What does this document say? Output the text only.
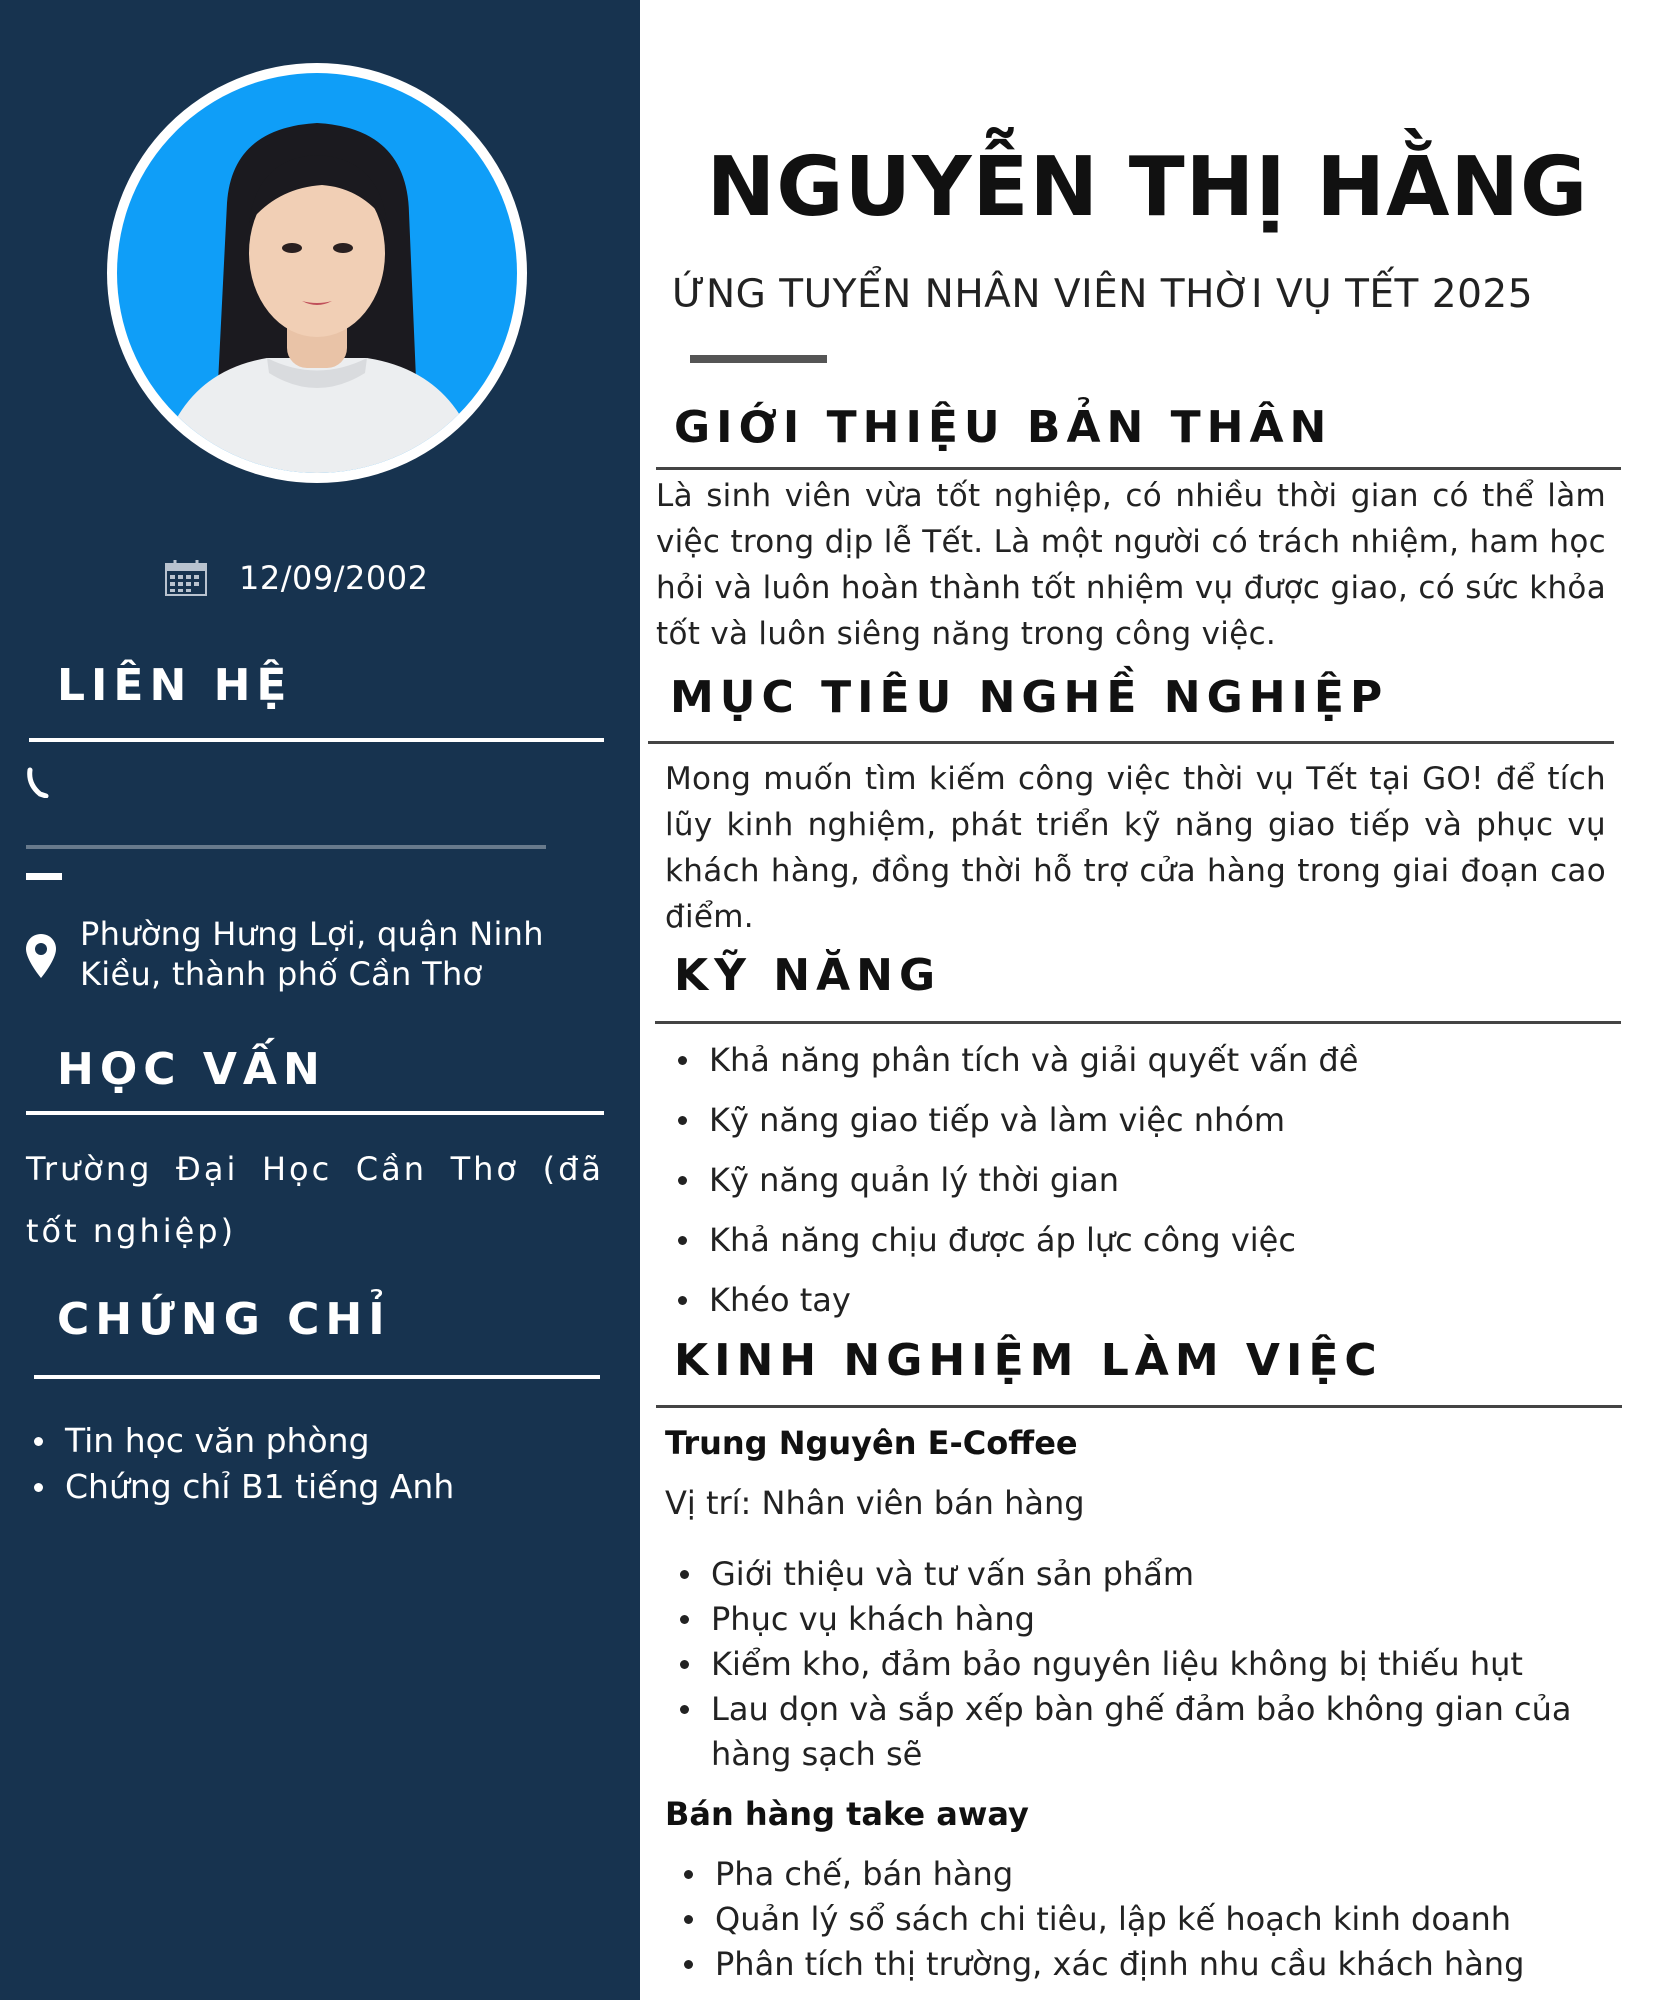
12/09/2002
LIÊN HỆ
Phường Hưng Lợi, quận Ninh Kiều, thành phố Cần Thơ
HỌC VẤN

Trường Đại Học Cần Thơ (đã tốt nghiệp)

CHỨNG CHỈ
Tin học văn phòng
Chứng chỉ B1 tiếng Anh
NGUYỄN THỊ HẰNG
ỨNG TUYỂN NHÂN VIÊN THỜI VỤ TẾT 2025
GIỚI THIỆU BẢN THÂN

Là sinh viên vừa tốt nghiệp, có nhiều thời gian có thể làm việc trong dịp lễ Tết. Là một người có trách nhiệm, ham học hỏi và luôn hoàn thành tốt nhiệm vụ được giao, có sức khỏa tốt và luôn siêng năng trong công việc.

MỤC TIÊU NGHỀ NGHIỆP

Mong muốn tìm kiếm công việc thời vụ Tết tại GO! để tích lũy kinh nghiệm, phát triển kỹ năng giao tiếp và phục vụ khách hàng, đồng thời hỗ trợ cửa hàng trong giai đoạn cao điểm.

KỸ NĂNG
Khả năng phân tích và giải quyết vấn đề
Kỹ năng giao tiếp và làm việc nhóm
Kỹ năng quản lý thời gian
Khả năng chịu được áp lực công việc
Khéo tay
KINH NGHIỆM LÀM VIỆC
Trung Nguyên E-Coffee
Vị trí: Nhân viên bán hàng
Giới thiệu và tư vấn sản phẩm
Phục vụ khách hàng
Kiểm kho, đảm bảo nguyên liệu không bị thiếu hụt
Lau dọn và sắp xếp bàn ghế đảm bảo không gian của hàng sạch sẽ
Bán hàng take away
Pha chế, bán hàng
Quản lý sổ sách chi tiêu, lập kế hoạch kinh doanh
Phân tích thị trường, xác định nhu cầu khách hàng
